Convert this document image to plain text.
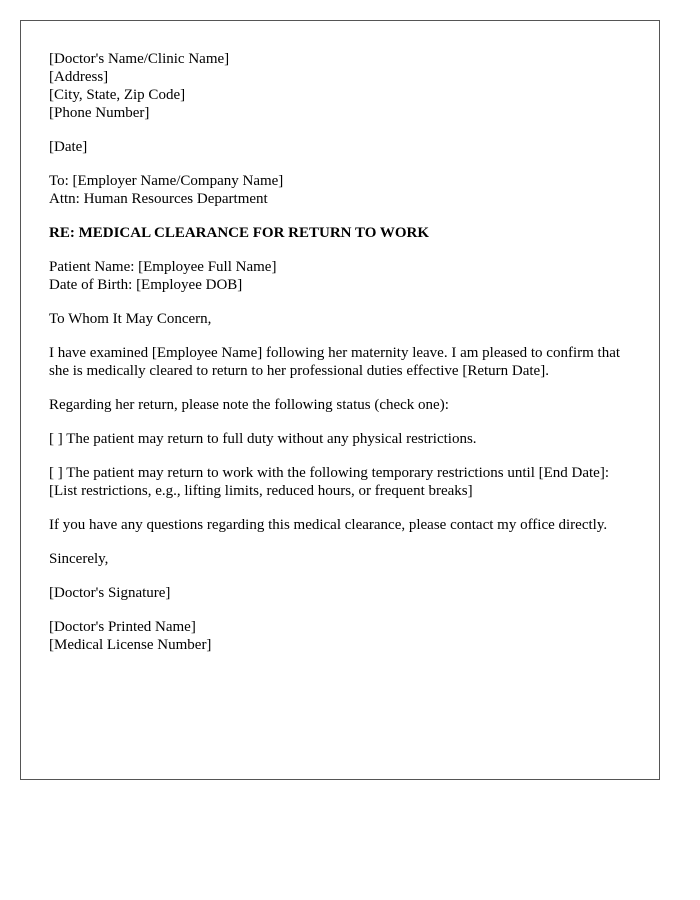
[Doctor's Name/Clinic Name]
[Address]
[City, State, Zip Code]
[Phone Number]
[Date]
To: [Employer Name/Company Name]
Attn: Human Resources Department
RE: MEDICAL CLEARANCE FOR RETURN TO WORK
Patient Name: [Employee Full Name]
Date of Birth: [Employee DOB]
To Whom It May Concern,
I have examined [Employee Name] following her maternity leave. I am pleased to confirm that she is medically cleared to return to her professional duties effective [Return Date].
Regarding her return, please note the following status (check one):
[ ] The patient may return to full duty without any physical restrictions.
[ ] The patient may return to work with the following temporary restrictions until [End Date]:
[List restrictions, e.g., lifting limits, reduced hours, or frequent breaks]
If you have any questions regarding this medical clearance, please contact my office directly.
Sincerely,
[Doctor's Signature]
[Doctor's Printed Name]
[Medical License Number]
